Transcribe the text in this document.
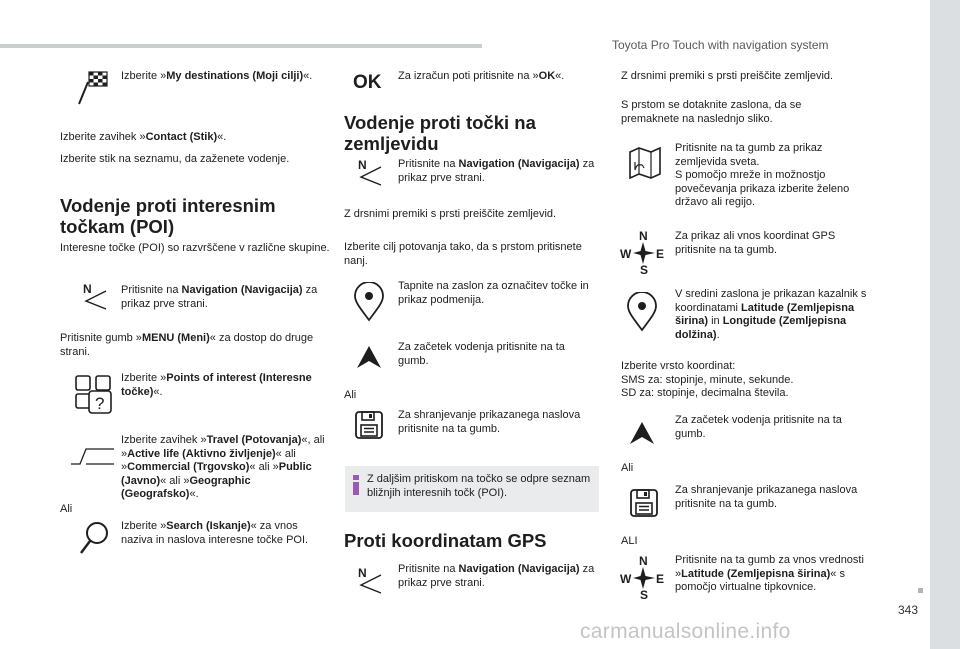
Toyota Pro Touch with navigation system
343
carmanualsonline.info

Izberite »My destinations (Moji cilji)«.

Izberite zavihek »Contact (Stik)«.

Izberite stik na seznamu, da zaženete vodenje.

Vodenje proti interesnim točkam (POI)

Interesne točke (POI) so razvrščene v različne skupine.

N	Pritisnite na Navigation (Navigacija) za prikaz prve strani.

Pritisnite gumb »MENU (Meni)« za dostop do druge strani.

?

Izberite »Points of interest (Interesne točke)«.

Izberite zavihek »Travel (Potovanja)«, ali »Active life (Aktivno življenje)« ali »Commercial (Trgovsko)« ali »Public (Javno)« ali »Geographic (Geografsko)«.

Ali

Izberite »Search (Iskanje)« za vnos naziva in naslova interesne točke POI.

OK Za izračun poti pritisnite na »OK«.

Vodenje proti točki na zemljevidu
N	Pritisnite na Navigation (Navigacija) za prikaz prve strani.

Z drsnimi premiki s prsti preiščite zemljevid.

Izberite cilj potovanja tako, da s prstom pritisnete nanj.

Tapnite na zaslon za označitev točke in prikaz podmenija.

Za začetek vodenja pritisnite na ta gumb.

Ali

Za shranjevanje prikazanega naslova pritisnite na ta gumb.

Z daljšim pritiskom na točko se odpre seznam bližnjih interesnih točk (POI).

Proti koordinatam GPS
N	Pritisnite na Navigation (Navigacija) za prikaz prve strani.

Z drsnimi premiki s prsti preiščite zemljevid.

S prstom se dotaknite zaslona, da se premaknete na naslednjo sliko.

Pritisnite na ta gumb za prikaz zemljevida sveta.
S pomočjo mreže in možnostjo povečevanja prikaza izberite želeno državo ali regijo.

N
W E
S

Za prikaz ali vnos koordinat GPS pritisnite na ta gumb.

V sredini zaslona je prikazan kazalnik s koordinatami Latitude (Zemljepisna širina) in Longitude (Zemljepisna dolžina).

Izberite vrsto koordinat:
SMS za: stopinje, minute, sekunde.
SD za: stopinje, decimalna števila.

Za začetek vodenja pritisnite na ta gumb.

Ali

Za shranjevanje prikazanega naslova pritisnite na ta gumb.

ALI

N
W E
S

Pritisnite na ta gumb za vnos vrednosti »Latitude (Zemljepisna širina)« s pomočjo virtualne tipkovnice.
